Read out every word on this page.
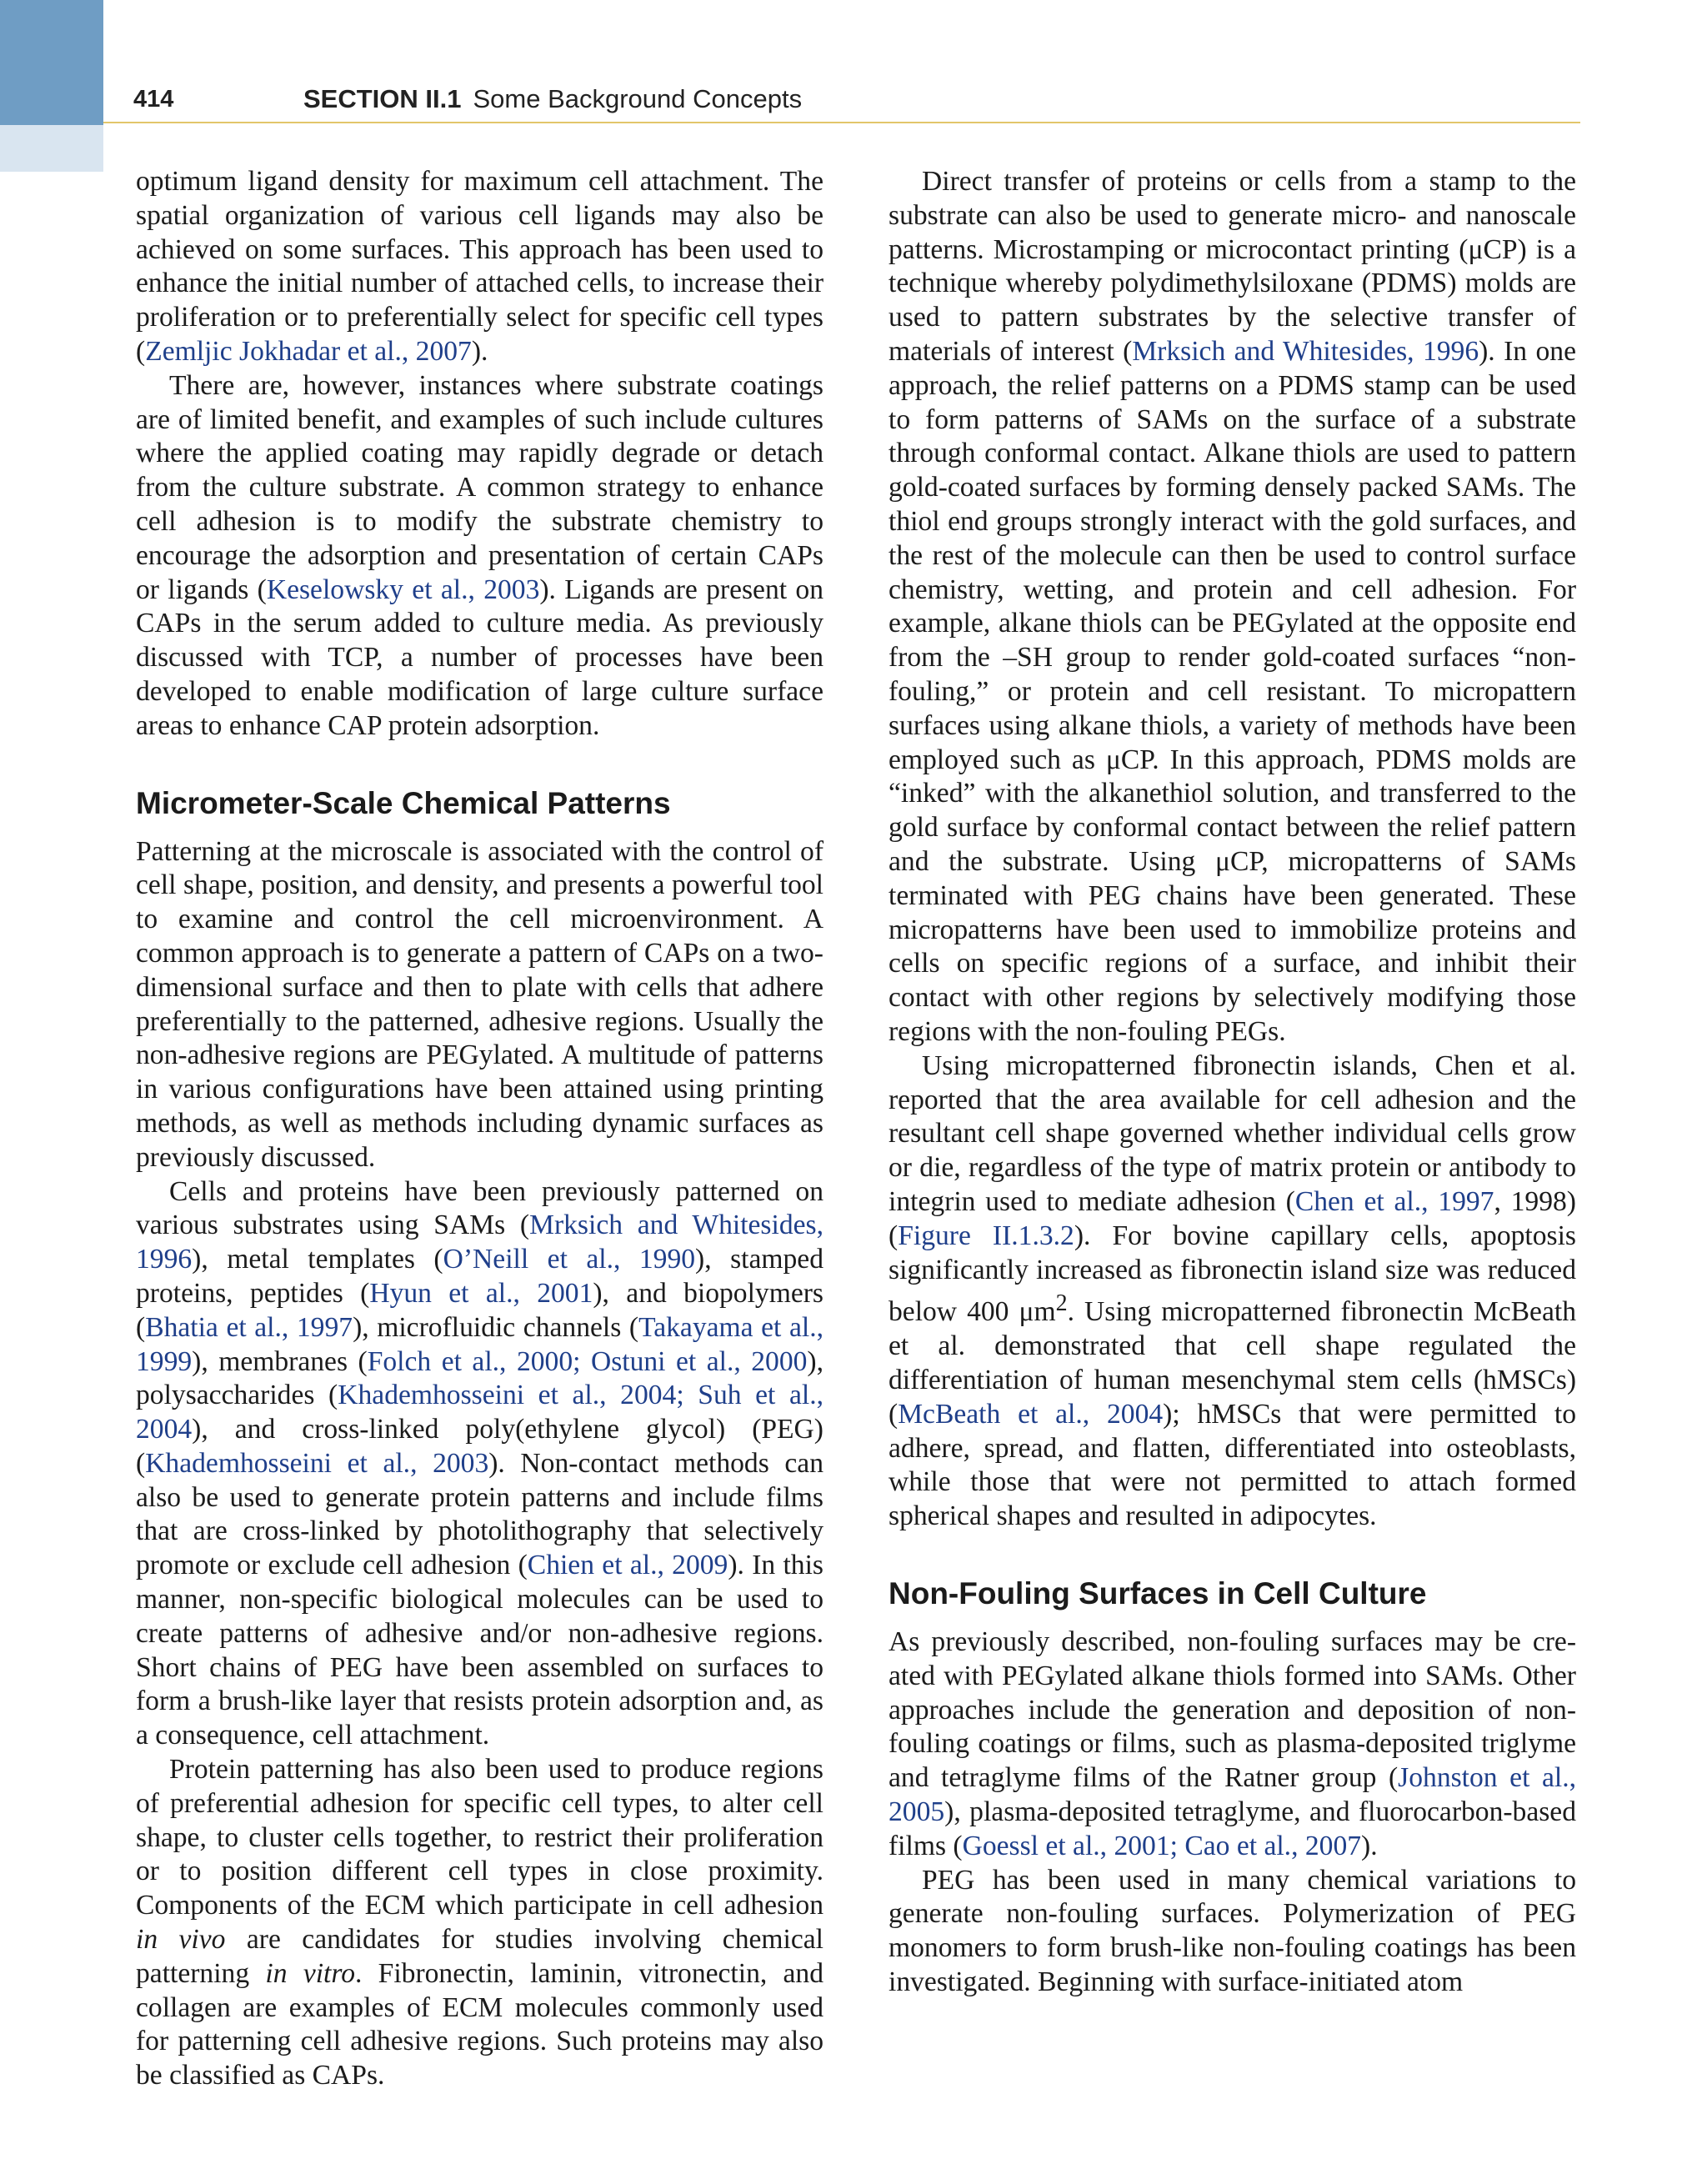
414	SECTION II.1 Some Background Concepts

optimum ligand density for maximum cell attachment. The spatial organization of various cell ligands may also be achieved on some surfaces. This approach has been used to enhance the initial number of attached cells, to increase their proliferation or to preferentially select for specific cell types (Zemljic Jokhadar et al., 2007).

There are, however, instances where substrate coatings are of limited benefit, and examples of such include cultures where the applied coating may rapidly degrade or detach from the culture substrate. A common strategy to enhance cell adhesion is to modify the substrate chemistry to encourage the adsorption and presentation of certain CAPs or ligands (Keselowsky et al., 2003). Ligands are present on CAPs in the serum added to culture media. As previously discussed with TCP, a number of processes have been developed to enable modification of large culture surface areas to enhance CAP protein adsorption.

Micrometer-Scale Chemical Patterns

Patterning at the microscale is associated with the control of cell shape, position, and density, and presents a powerful tool to examine and control the cell microenvironment. A common approach is to generate a pattern of CAPs on a two-dimensional surface and then to plate with cells that adhere preferentially to the patterned, adhesive regions. Usually the non-adhesive regions are PEGylated. A multitude of patterns in various configurations have been attained using printing methods, as well as methods including dynamic surfaces as previously discussed.

Cells and proteins have been previously patterned on various substrates using SAMs (Mrksich and Whitesides, 1996), metal templates (O’Neill et al., 1990), stamped proteins, peptides (Hyun et al., 2001), and biopolymers (Bhatia et al., 1997), microfluidic channels (Takayama et al., 1999), membranes (Folch et al., 2000; Ostuni et al., 2000), polysaccharides (Khademhosseini et al., 2004; Suh et al., 2004), and cross-linked poly(ethylene glycol) (PEG) (Khademhosseini et al., 2003). Non-contact methods can also be used to generate protein patterns and include films that are cross-linked by photolithography that selectively promote or exclude cell adhesion (Chien et al., 2009). In this manner, non-specific biological molecules can be used to create patterns of adhesive and/or non-adhesive regions. Short chains of PEG have been assembled on surfaces to form a brush-like layer that resists protein adsorption and, as a consequence, cell attachment.

Protein patterning has also been used to produce regions of preferential adhesion for specific cell types, to alter cell shape, to cluster cells together, to restrict their proliferation or to position different cell types in close proximity. Components of the ECM which participate in cell adhesion in vivo are candidates for studies involving chemical patterning in vitro. Fibronectin, laminin, vitronectin, and collagen are examples of ECM molecules commonly used for patterning cell adhesive regions. Such proteins may also be classified as CAPs.

Direct transfer of proteins or cells from a stamp to the substrate can also be used to generate micro- and nanoscale patterns. Microstamping or microcontact printing (μCP) is a technique whereby polydimethylsiloxane (PDMS) molds are used to pattern substrates by the selective transfer of materials of interest (Mrksich and Whitesides, 1996). In one approach, the relief patterns on a PDMS stamp can be used to form patterns of SAMs on the surface of a substrate through conformal contact. Alkane thiols are used to pattern gold-coated surfaces by forming densely packed SAMs. The thiol end groups strongly interact with the gold surfaces, and the rest of the molecule can then be used to control surface chemistry, wetting, and protein and cell adhesion. For example, alkane thiols can be PEGylated at the opposite end from the –SH group to render gold-coated surfaces “non-fouling,” or protein and cell resistant. To micropattern surfaces using alkane thiols, a variety of methods have been employed such as μCP. In this approach, PDMS molds are “inked” with the alkanethiol solution, and transferred to the gold surface by conformal contact between the relief pattern and the substrate. Using μCP, micropatterns of SAMs terminated with PEG chains have been generated. These micropatterns have been used to immobilize proteins and cells on specific regions of a surface, and inhibit their contact with other regions by selectively modifying those regions with the non-fouling PEGs.

Using micropatterned fibronectin islands, Chen et al. reported that the area available for cell adhesion and the resultant cell shape governed whether individual cells grow or die, regardless of the type of matrix protein or antibody to integrin used to mediate adhesion (Chen et al., 1997, 1998) (Figure II.1.3.2). For bovine capillary cells, apoptosis significantly increased as fibronectin island size was reduced below 400 $\mu m^2$. Using micropatterned fibronectin McBeath et al. demonstrated that cell shape regulated the differentiation of human mesenchymal stem cells (hMSCs) (McBeath et al., 2004); hMSCs that were permitted to adhere, spread, and flatten, differentiated into osteoblasts, while those that were not permitted to attach formed spherical shapes and resulted in adipocytes.

Non-Fouling Surfaces in Cell Culture

As previously described, non-fouling surfaces may be created with PEGylated alkane thiols formed into SAMs. Other approaches include the generation and deposition of non-fouling coatings or films, such as plasma-deposited triglyme and tetraglyme films of the Ratner group (Johnston et al., 2005), plasma-deposited tetraglyme, and fluorocarbon-based films (Goessl et al., 2001; Cao et al., 2007).

PEG has been used in many chemical variations to generate non-fouling surfaces. Polymerization of PEG monomers to form brush-like non-fouling coatings has been investigated. Beginning with surface-initiated atom
